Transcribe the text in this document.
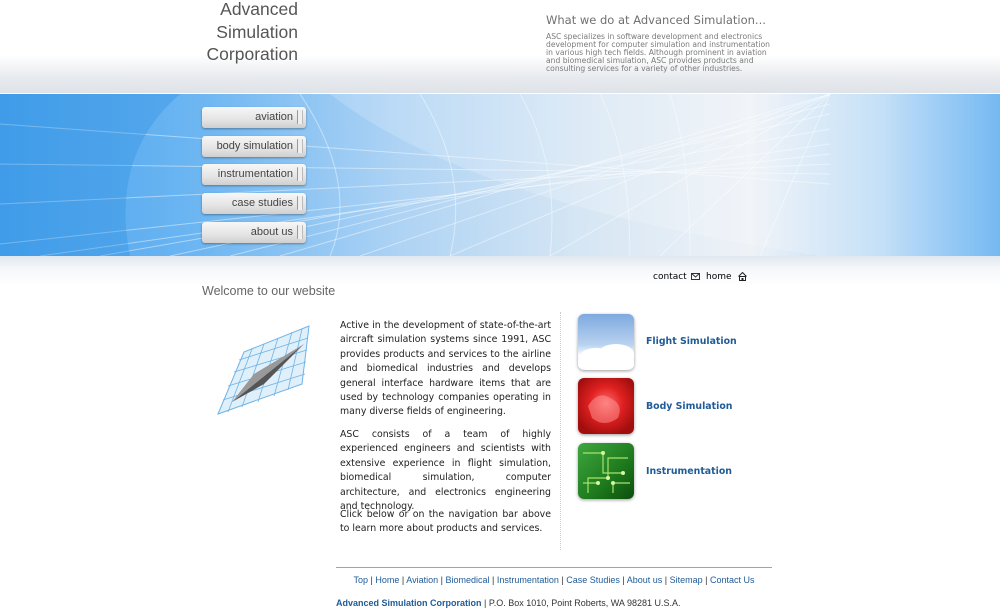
Advanced
Simulation
Corporation
What we do at Advanced Simulation...
ASC specializes in software development and electronics development for computer simulation and instrumentation in various high tech fields. Although prominent in aviation and biomedical simulation, ASC provides products and consulting services for a variety of other industries.
aviation
body simulation
instrumentation
case studies
about us
contact home
Welcome to our website
Active in the development of state-of-the-art aircraft simulation systems since 1991, ASC provides products and services to the airline and biomedical industries and develops general interface hardware items that are used by technology companies operating in many diverse fields of engineering.
ASC consists of a team of highly experienced engineers and scientists with extensive experience in flight simulation, biomedical simulation, computer architecture, and electronics engineering and technology.
Click below or on the navigation bar above to learn more about products and services.
Flight Simulation
Body Simulation
Instrumentation
Top | Home | Aviation | Biomedical | Instrumentation | Case Studies | About us | Sitemap | Contact Us
Advanced Simulation Corporation | P.O. Box 1010, Point Roberts, WA 98281 U.S.A.
